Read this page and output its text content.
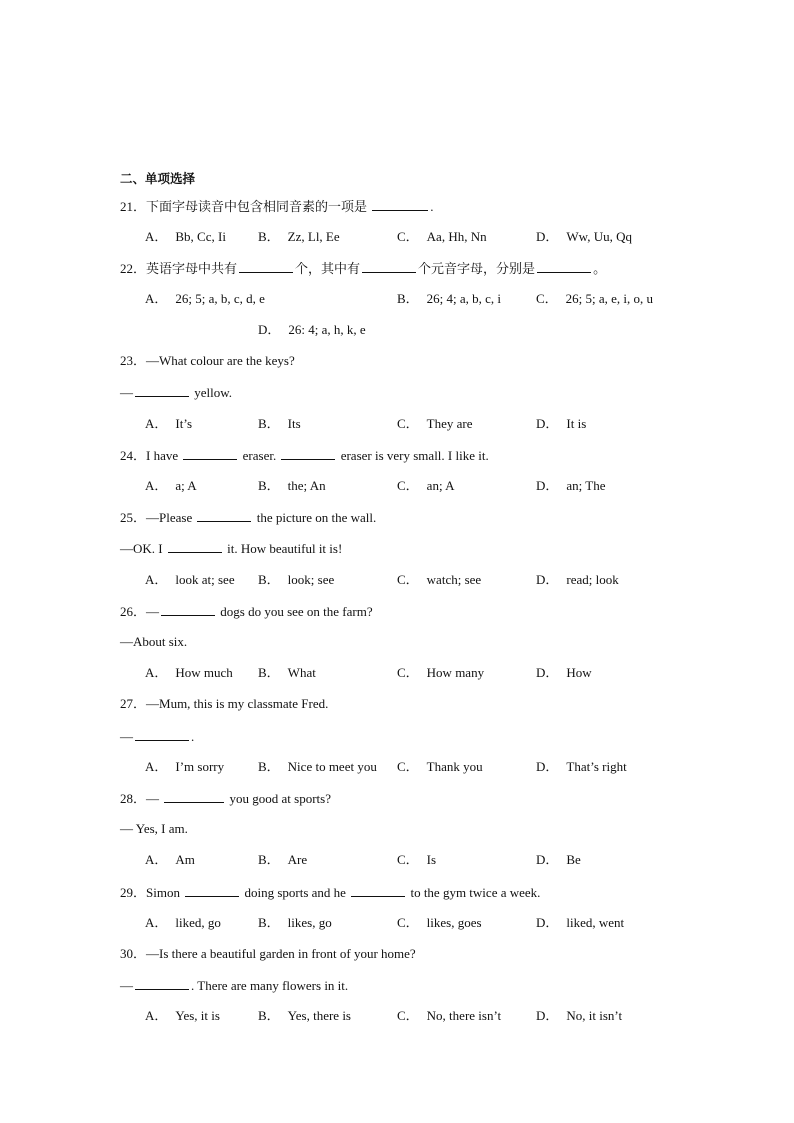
二、单项选择
21．下面字母读音中包含相同音素的一项是	.
A． Bb, Cc, Ii B． Zz, Ll, Ee	C． Aa, Hh, Nn	D． Ww, Uu, Qq
22．英语字母中共有	个，其中有	个元音字母，分别是	。
A． 26; 5; a, b, c, d, e	B． 26; 4; a, b, c, i	C． 26; 5; a, e, i, o, u
D． 26: 4; a, h, k, e
23．—What colour are the keys?
—	yellow.
A． It’s	B． Its	C． They are	D． It is
24．I have	eraser.	eraser is very small. I like it.
A． a; A	B． the; An	C． an; A	D． an; The
25．—Please	the picture on the wall.
—OK. I	it. How beautiful it is!
A． look at; see B． look; see	C． watch; see	D． read; look
26．—	dogs do you see on the farm?
—About six.
A． How much B． What	C． How many	D． How
27．—Mum, this is my classmate Fred.
—	.
A． I’m sorry	B． Nice to meet you C． Thank you	D． That’s right
28．—	you good at sports?
— Yes, I am.
A． Am	B． Are	C． Is	D． Be
29．Simon	doing sports and he	to the gym twice a week.
A． liked, go	B． likes, go	C． likes, goes	D． liked, went
30．—Is there a beautiful garden in front of your home?
—	. There are many flowers in it.
A． Yes, it is	B． Yes, there is	C． No, there isn’t	D． No, it isn’t
